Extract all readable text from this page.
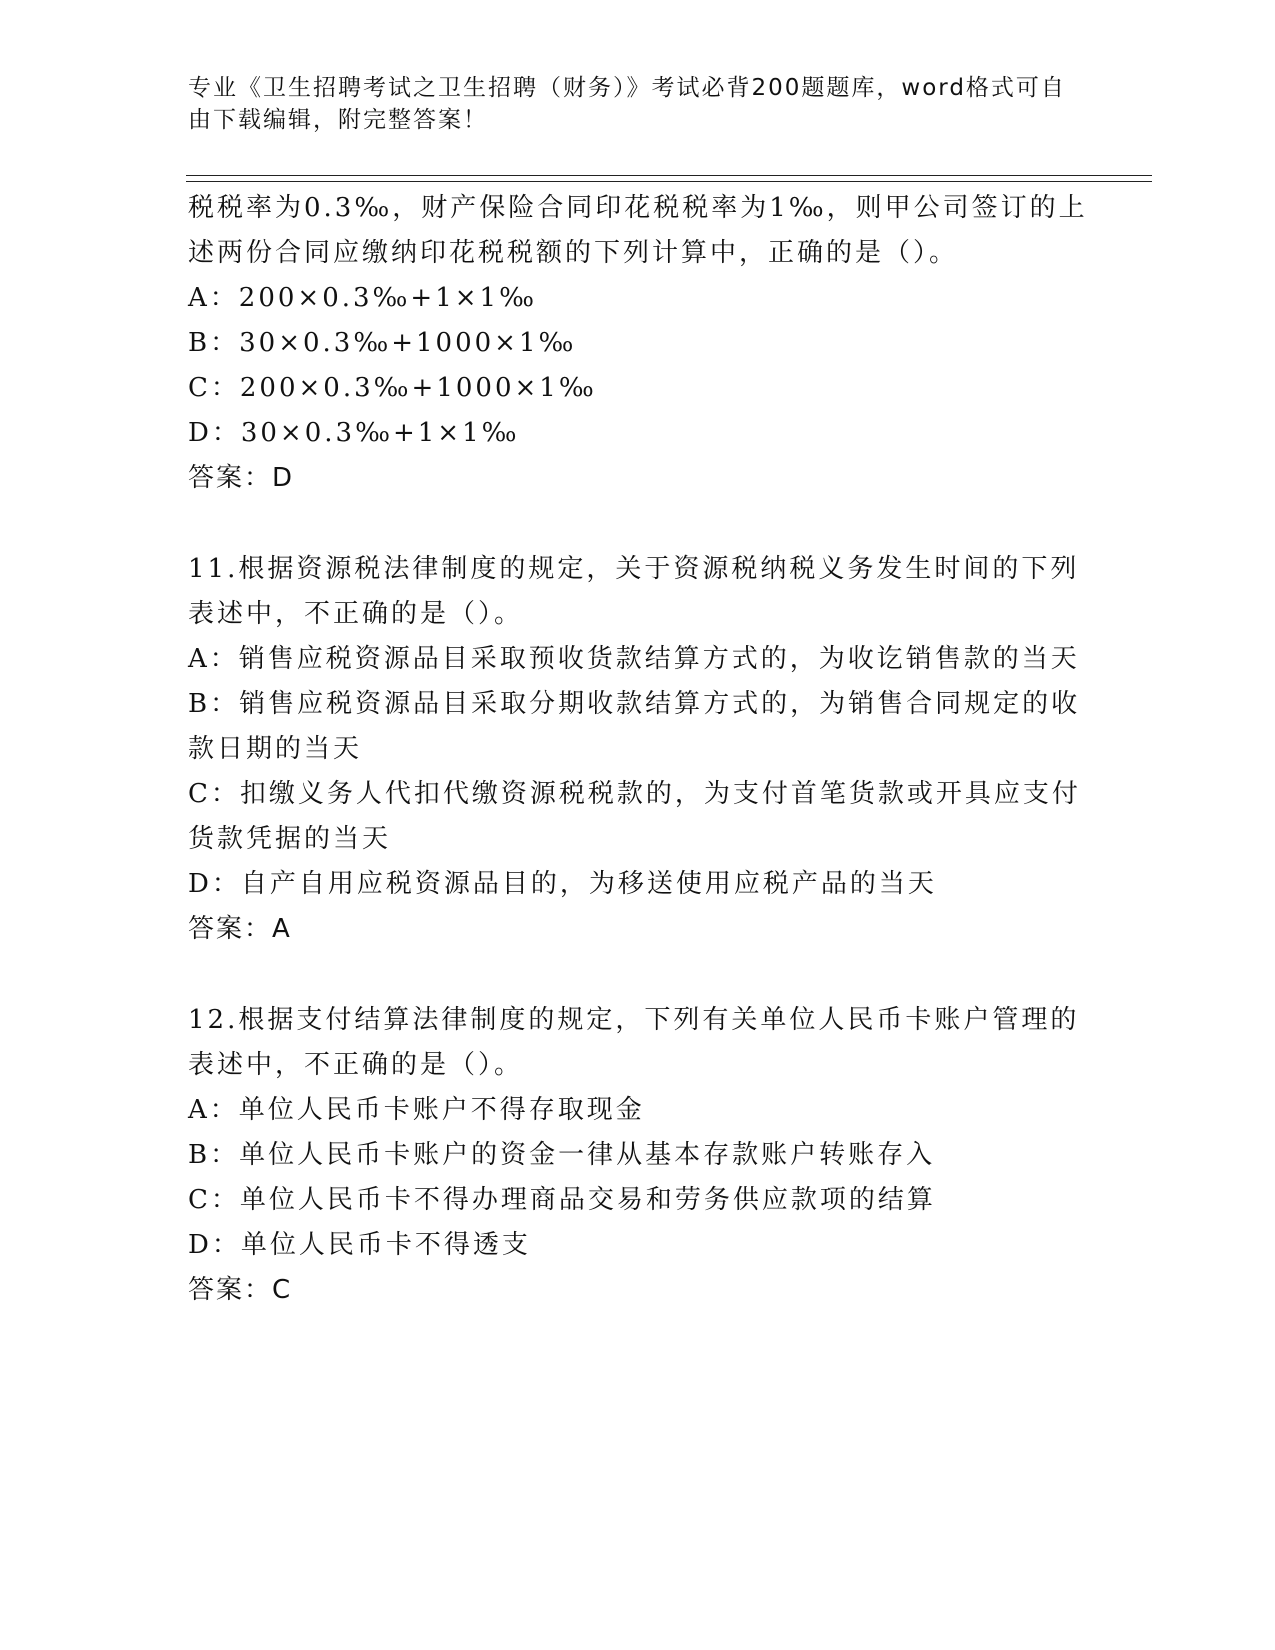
专业《卫生招聘考试之卫生招聘（财务）》考试必背200题题库，word格式可自
由下载编辑，附完整答案！
税税率为0.3‰，财产保险合同印花税税率为1‰，则甲公司签订的上
述两份合同应缴纳印花税税额的下列计算中，正确的是（）。
A：200×0.3‰+1×1‰
B：30×0.3‰+1000×1‰
C：200×0.3‰+1000×1‰
D：30×0.3‰+1×1‰
答案：D
11.根据资源税法律制度的规定，关于资源税纳税义务发生时间的下列
表述中，不正确的是（）。
A：销售应税资源品目采取预收货款结算方式的，为收讫销售款的当天
B：销售应税资源品目采取分期收款结算方式的，为销售合同规定的收
款日期的当天
C：扣缴义务人代扣代缴资源税税款的，为支付首笔货款或开具应支付
货款凭据的当天
D：自产自用应税资源品目的，为移送使用应税产品的当天
答案：A
12.根据支付结算法律制度的规定，下列有关单位人民币卡账户管理的
表述中，不正确的是（）。
A：单位人民币卡账户不得存取现金
B：单位人民币卡账户的资金一律从基本存款账户转账存入
C：单位人民币卡不得办理商品交易和劳务供应款项的结算
D：单位人民币卡不得透支
答案：C
